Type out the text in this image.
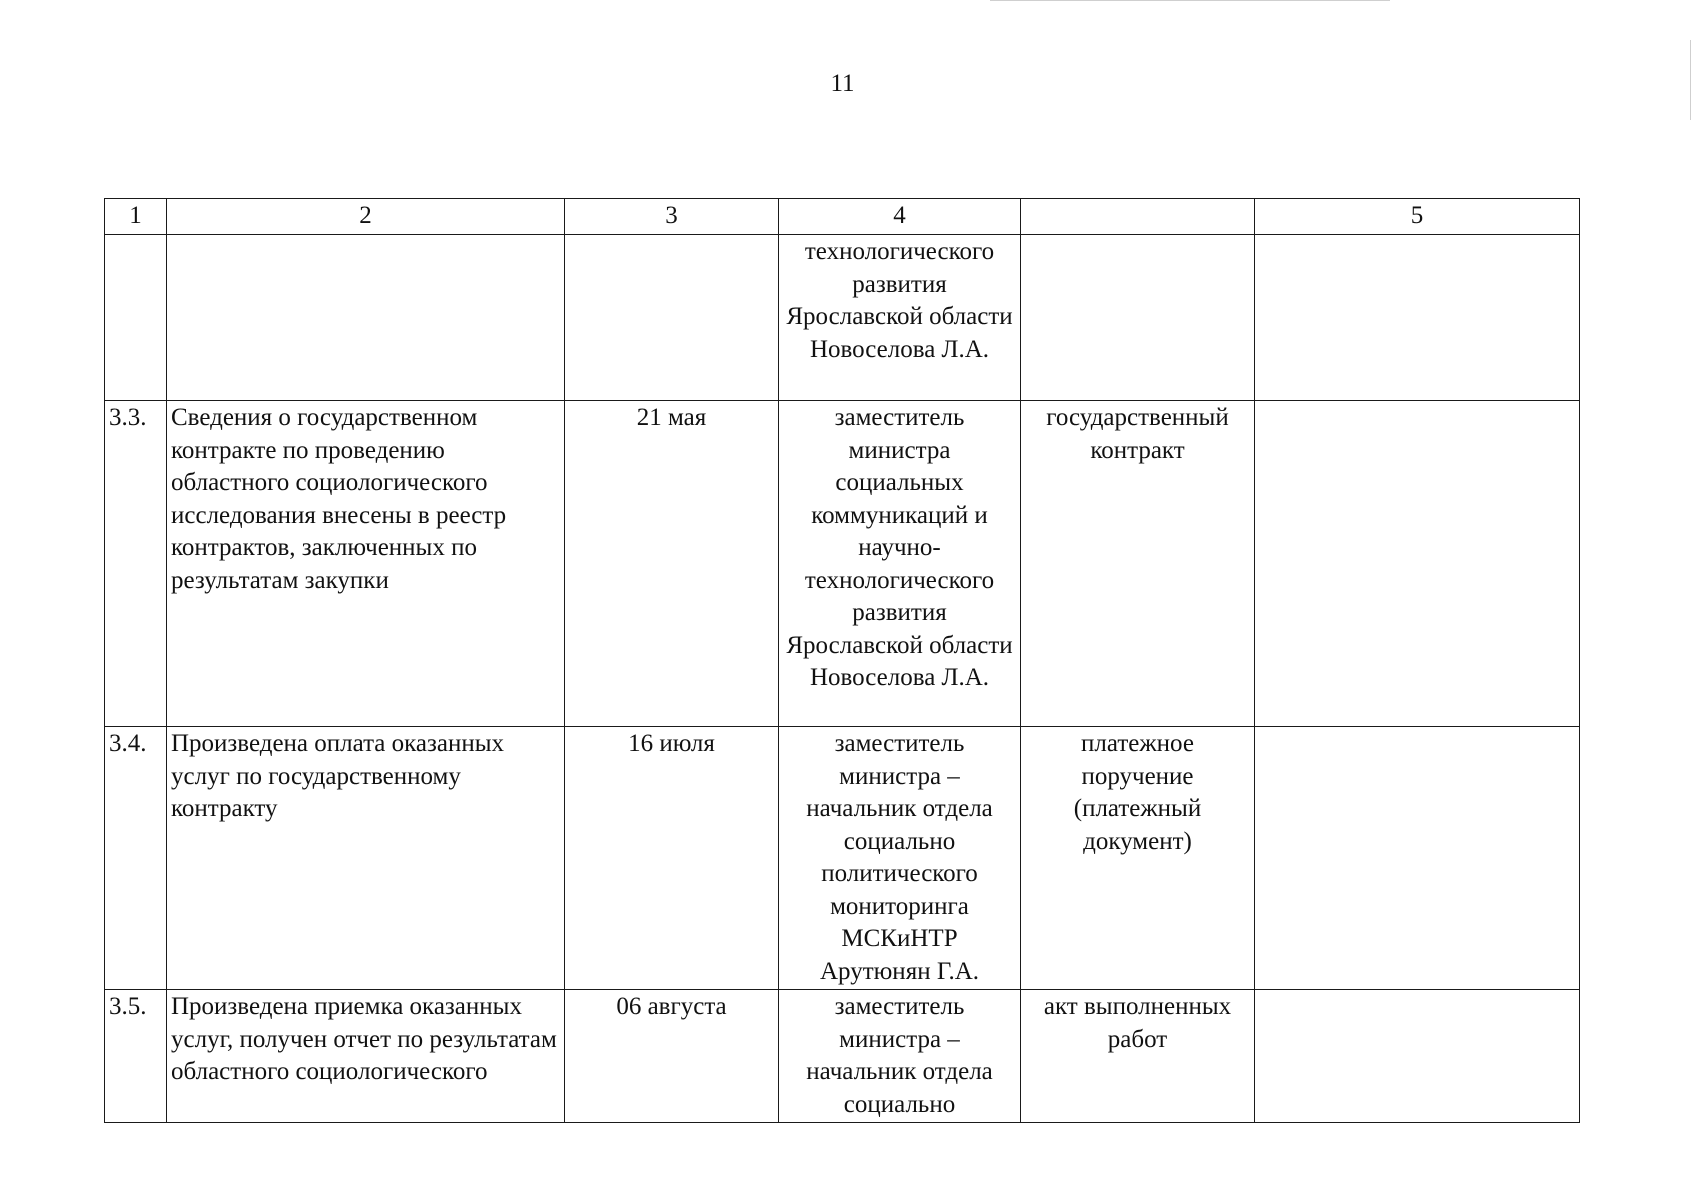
11
1	2	3	4		5
			технологического развития Ярославской области Новоселова Л.А.		
3.3.	Сведения о государственном контракте по проведению областного социологического исследования внесены в реестр контрактов, заключенных по результатам закупки	21 мая	заместитель министра социальных коммуникаций и научно-технологического развития Ярославской области Новоселова Л.А.	государственный контракт	
3.4.	Произведена оплата оказанных услуг по государственному контракту	16 июля	заместитель министра – начальник отдела социально политического мониторинга МСКиНТР Арутюнян Г.А.	платежное поручение (платежный документ)	
3.5.	Произведена приемка оказанных услуг, получен отчет по результатам областного социологического	06 августа	заместитель министра – начальник отдела социально	акт выполненных работ	
